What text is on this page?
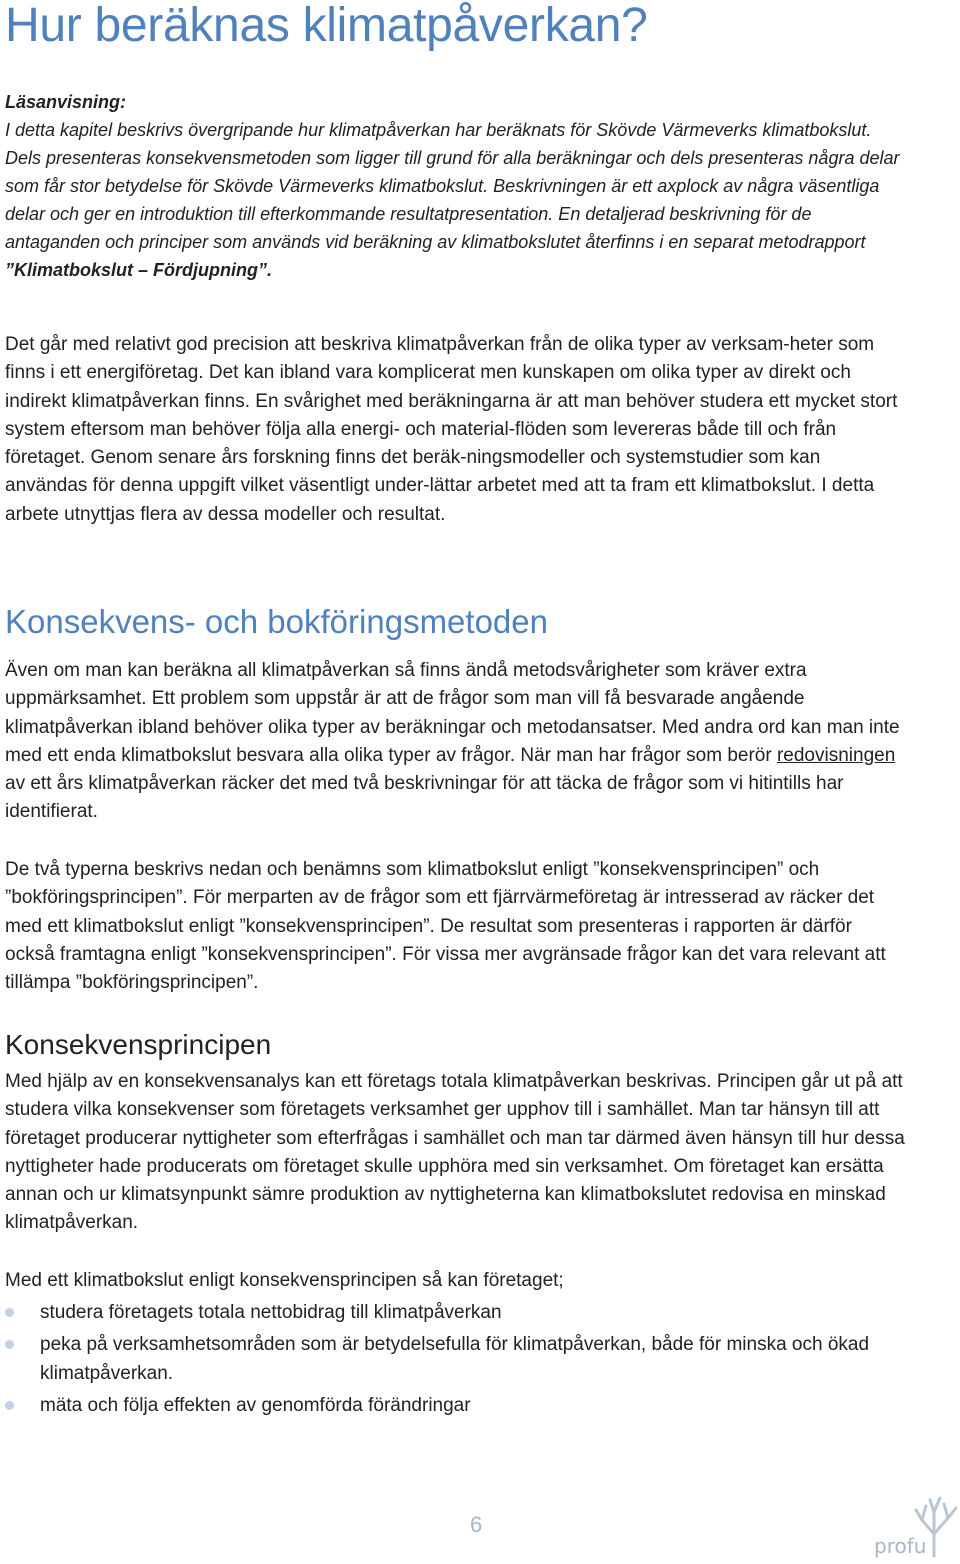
Hur beräknas klimatpåverkan?
Läsanvisning:
I detta kapitel beskrivs övergripande hur klimatpåverkan har beräknats för Skövde Värmeverks klimatbokslut. Dels presenteras konsekvensmetoden som ligger till grund för alla beräkningar och dels presenteras några delar som får stor betydelse för Skövde Värmeverks klimatbokslut. Beskrivningen är ett axplock av några väsentliga delar och ger en introduktion till efterkommande resultatpresentation. En detaljerad beskrivning för de antaganden och principer som används vid beräkning av klimatbokslutet återfinns i en separat metodrapport ”Klimatbokslut – Fördjupning”.

Det går med relativt god precision att beskriva klimatpåverkan från de olika typer av verksam-heter som finns i ett energiföretag. Det kan ibland vara komplicerat men kunskapen om olika typer av direkt och indirekt klimatpåverkan finns. En svårighet med beräkningarna är att man behöver studera ett mycket stort system eftersom man behöver följa alla energi- och material-flöden som levereras både till och från företaget. Genom senare års forskning finns det beräk-ningsmodeller och systemstudier som kan användas för denna uppgift vilket väsentligt under-lättar arbetet med att ta fram ett klimatbokslut. I detta arbete utnyttjas flera av dessa modeller och resultat.

Konsekvens- och bokföringsmetoden

Även om man kan beräkna all klimatpåverkan så finns ändå metodsvårigheter som kräver extra uppmärksamhet. Ett problem som uppstår är att de frågor som man vill få besvarade angående klimatpåverkan ibland behöver olika typer av beräkningar och metodansatser. Med andra ord kan man inte med ett enda klimatbokslut besvara alla olika typer av frågor. När man har frågor som berör redovisningen av ett års klimatpåverkan räcker det med två beskrivningar för att täcka de frågor som vi hitintills har identifierat.

De två typerna beskrivs nedan och benämns som klimatbokslut enligt ”konsekvensprincipen” och ”bokföringsprincipen”. För merparten av de frågor som ett fjärrvärmeföretag är intresserad av räcker det med ett klimatbokslut enligt ”konsekvensprincipen”. De resultat som presenteras i rapporten är därför också framtagna enligt ”konsekvensprincipen”. För vissa mer avgränsade frågor kan det vara relevant att tillämpa ”bokföringsprincipen”.

Konsekvensprincipen

Med hjälp av en konsekvensanalys kan ett företags totala klimatpåverkan beskrivas. Principen går ut på att studera vilka konsekvenser som företagets verksamhet ger upphov till i samhället. Man tar hänsyn till att företaget producerar nyttigheter som efterfrågas i samhället och man tar därmed även hänsyn till hur dessa nyttigheter hade producerats om företaget skulle upphöra med sin verksamhet. Om företaget kan ersätta annan och ur klimatsynpunkt sämre produktion av nyttigheterna kan klimatbokslutet redovisa en minskad klimatpåverkan.

Med ett klimatbokslut enligt konsekvensprincipen så kan företaget;

studera företagets totala nettobidrag till klimatpåverkan
peka på verksamhetsområden som är betydelsefulla för klimatpåverkan, både för minska och ökad klimatpåverkan.
mäta och följa effekten av genomförda förändringar
6
profu
